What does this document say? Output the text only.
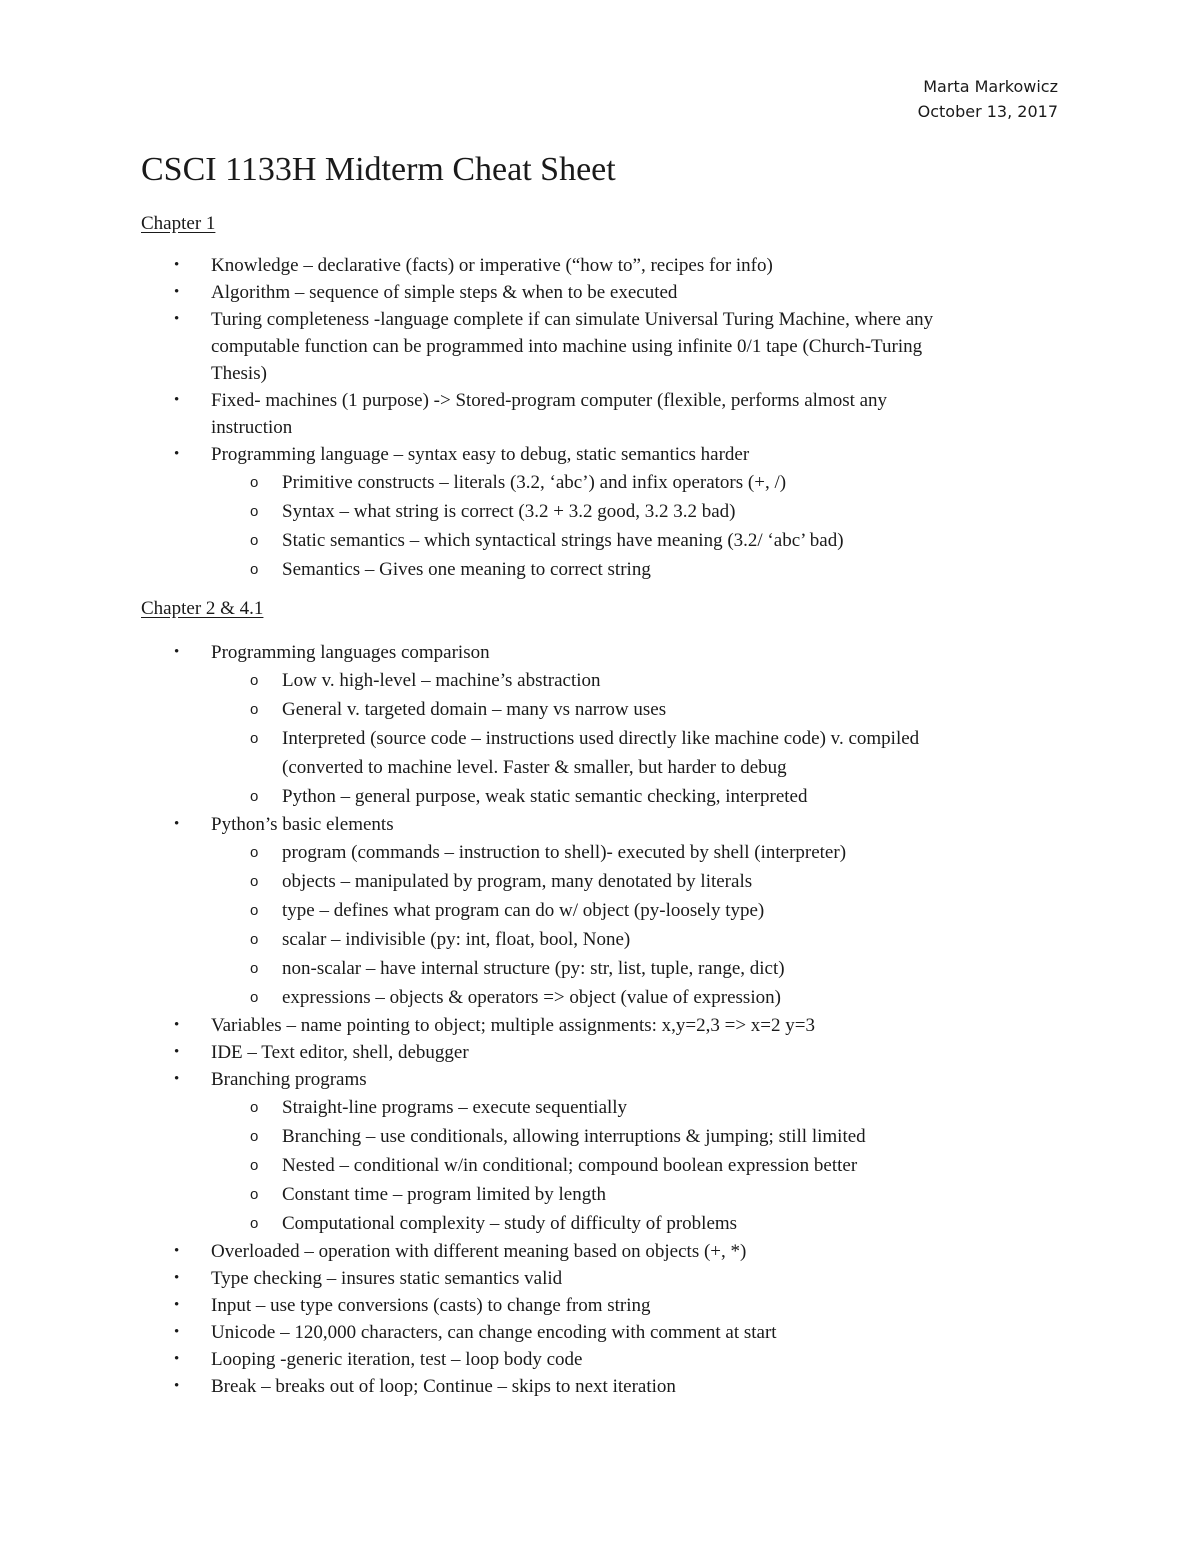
Marta Markowicz
October 13, 2017
CSCI 1133H Midterm Cheat Sheet
Chapter 1
• Knowledge – declarative (facts) or imperative (“how to”, recipes for info)
• Algorithm – sequence of simple steps & when to be executed
• Turing completeness -language complete if can simulate Universal Turing Machine, where any
computable function can be programmed into machine using infinite 0/1 tape (Church-Turing
Thesis)
• Fixed- machines (1 purpose) -> Stored-program computer (flexible, performs almost any
instruction
• Programming language – syntax easy to debug, static semantics harder
o Primitive constructs – literals (3.2, ‘abc’) and infix operators (+, /)
o Syntax – what string is correct (3.2 + 3.2 good, 3.2 3.2 bad)
o Static semantics – which syntactical strings have meaning (3.2/ ‘abc’ bad)
o Semantics – Gives one meaning to correct string
Chapter 2 & 4.1
• Programming languages comparison
o Low v. high-level – machine’s abstraction
o General v. targeted domain – many vs narrow uses
o Interpreted (source code – instructions used directly like machine code) v. compiled
(converted to machine level. Faster & smaller, but harder to debug
o Python – general purpose, weak static semantic checking, interpreted
• Python’s basic elements
o program (commands – instruction to shell)- executed by shell (interpreter)
o objects – manipulated by program, many denotated by literals
o type – defines what program can do w/ object (py-loosely type)
o scalar – indivisible (py: int, float, bool, None)
o non-scalar – have internal structure (py: str, list, tuple, range, dict)
o expressions – objects & operators => object (value of expression)
• Variables – name pointing to object; multiple assignments: x,y=2,3 => x=2 y=3
• IDE – Text editor, shell, debugger
• Branching programs
o Straight-line programs – execute sequentially
o Branching – use conditionals, allowing interruptions & jumping; still limited
o Nested – conditional w/in conditional; compound boolean expression better
o Constant time – program limited by length
o Computational complexity – study of difficulty of problems
• Overloaded – operation with different meaning based on objects (+, *)
• Type checking – insures static semantics valid
• Input – use type conversions (casts) to change from string
• Unicode – 120,000 characters, can change encoding with comment at start
• Looping -generic iteration, test – loop body code
• Break – breaks out of loop; Continue – skips to next iteration
